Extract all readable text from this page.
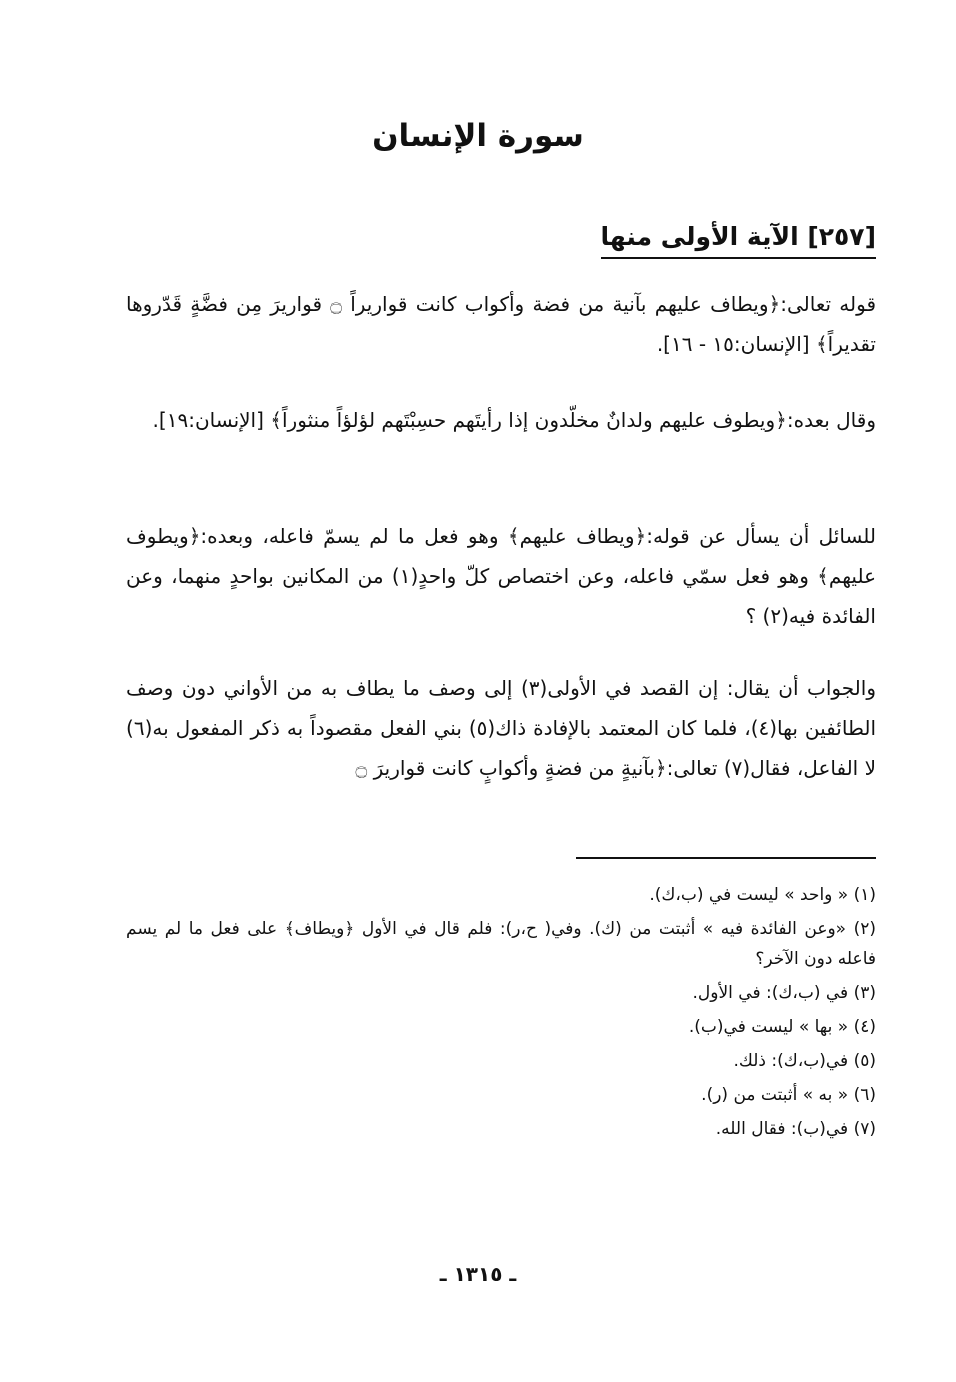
سورة الإنسان
[٢٥٧] الآية الأولى منها

قوله تعالى:﴿ويطاف عليهم بآنية من فضة وأكواب كانت قواريراً ۝ قواريرَ مِن فضَّةٍ قَدّروها تقديراً﴾ [الإنسان:١٥ - ١٦].

وقال بعده:﴿ويطوف عليهم ولدانٌ مخلّدون إذا رأيتَهم حسِبْتَهم لؤلؤاً منثوراً﴾ [الإنسان:١٩].

للسائل أن يسأل عن قوله:﴿ويطاف عليهم﴾ وهو فعل ما لم يسمّ فاعله، وبعده:﴿ويطوف عليهم﴾ وهو فعل سمّي فاعله، وعن اختصاص كلّ واحدٍ(١) من المكانين بواحدٍ منهما، وعن الفائدة فيه(٢) ؟

والجواب أن يقال: إن القصد في الأولى(٣) إلى وصف ما يطاف به من الأواني دون وصف الطائفين بها(٤)، فلما كان المعتمد بالإفادة ذاك(٥) بني الفعل مقصوداً به ذكر المفعول به(٦) لا الفاعل، فقال(٧) تعالى:﴿بآنيةٍ من فضةٍ وأكوابٍ كانت قواريرَ ۝

(١) « واحد » ليست في (ب،ك).
(٢) «وعن الفائدة فيه » أثبتت من (ك). وفي( ح،ر): فلم قال في الأول ﴿ويطاف﴾ على فعل ما لم يسم فاعله دون الآخر؟
(٣) في (ب،ك): في الأول.
(٤) « بها » ليست في(ب).
(٥) في(ب،ك): ذلك.
(٦) « به » أثبتت من (ر).
(٧) في(ب): فقال الله.
ـ ١٣١٥ ـ
